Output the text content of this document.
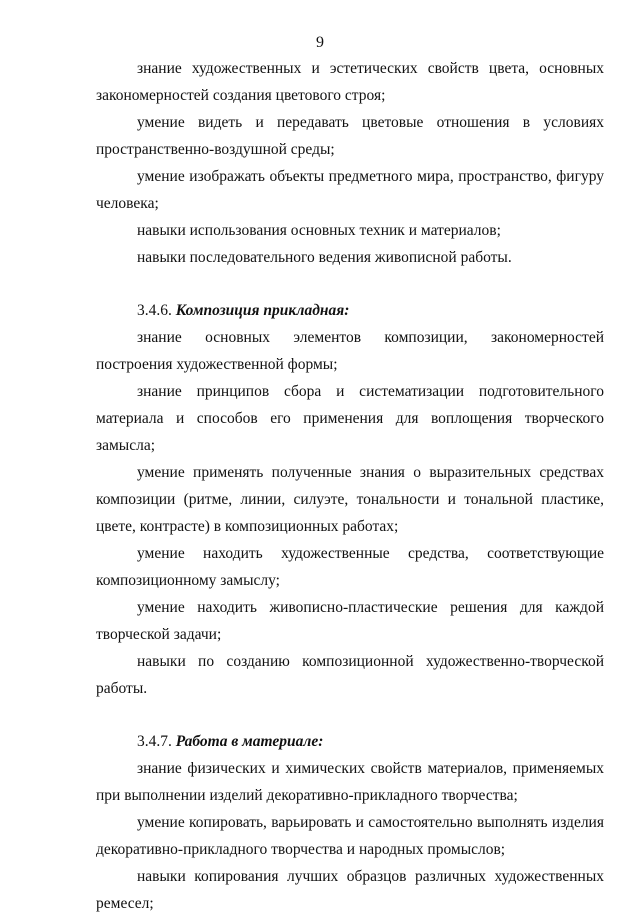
9

знание художественных и эстетических свойств цвета, основных закономерностей создания цветового строя;

умение видеть и передавать цветовые отношения в условиях пространственно-воздушной среды;

умение изображать объекты предметного мира, пространство, фигуру человека;

навыки использования основных техник и материалов;

навыки последовательного ведения живописной работы.

3.4.6. Композиция прикладная:

знание основных элементов композиции, закономерностей построения художественной формы;

знание принципов сбора и систематизации подготовительного материала и способов его применения для воплощения творческого замысла;

умение применять полученные знания о выразительных средствах композиции (ритме, линии, силуэте, тональности и тональной пластике, цвете, контрасте) в композиционных работах;

умение находить художественные средства, соответствующие композиционному замыслу;

умение находить живописно-пластические решения для каждой творческой задачи;

навыки по созданию композиционной художественно-творческой работы.

3.4.7. Работа в материале:

знание физических и химических свойств материалов, применяемых при выполнении изделий декоративно-прикладного творчества;

умение копировать, варьировать и самостоятельно выполнять изделия декоративно-прикладного творчества и народных промыслов;

навыки копирования лучших образцов различных художественных ремесел;
